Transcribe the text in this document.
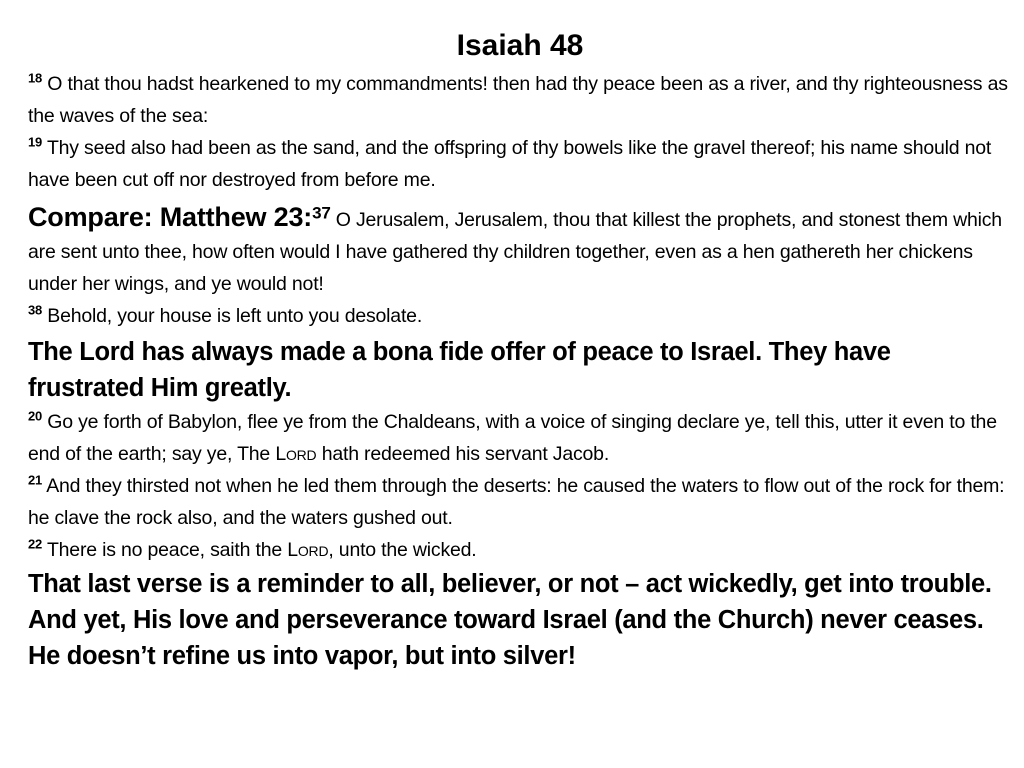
Isaiah 48

$^{18}$ O that thou hadst hearkened to my commandments! then had thy peace been as a river, and thy righteousness as the waves of the sea:

$^{19}$ Thy seed also had been as the sand, and the offspring of thy bowels like the gravel thereof; his name should not have been cut off nor destroyed from before me.

Compare: Matthew 23:37 O Jerusalem, Jerusalem, thou that killest the prophets, and stonest them which are sent unto thee, how often would I have gathered thy children together, even as a hen gathereth her chickens under her wings, and ye would not!

$^{38}$ Behold, your house is left unto you desolate.

The Lord has always made a bona fide offer of peace to Israel. They have frustrated Him greatly.

$^{20}$ Go ye forth of Babylon, flee ye from the Chaldeans, with a voice of singing declare ye, tell this, utter it even to the end of the earth; say ye, The Lord hath redeemed his servant Jacob.

$^{21}$ And they thirsted not when he led them through the deserts: he caused the waters to flow out of the rock for them: he clave the rock also, and the waters gushed out.

$^{22}$ There is no peace, saith the Lord, unto the wicked.

That last verse is a reminder to all, believer, or not – act wickedly, get into trouble. And yet, His love and perseverance toward Israel (and the Church) never ceases. He doesn’t refine us into vapor, but into silver!
